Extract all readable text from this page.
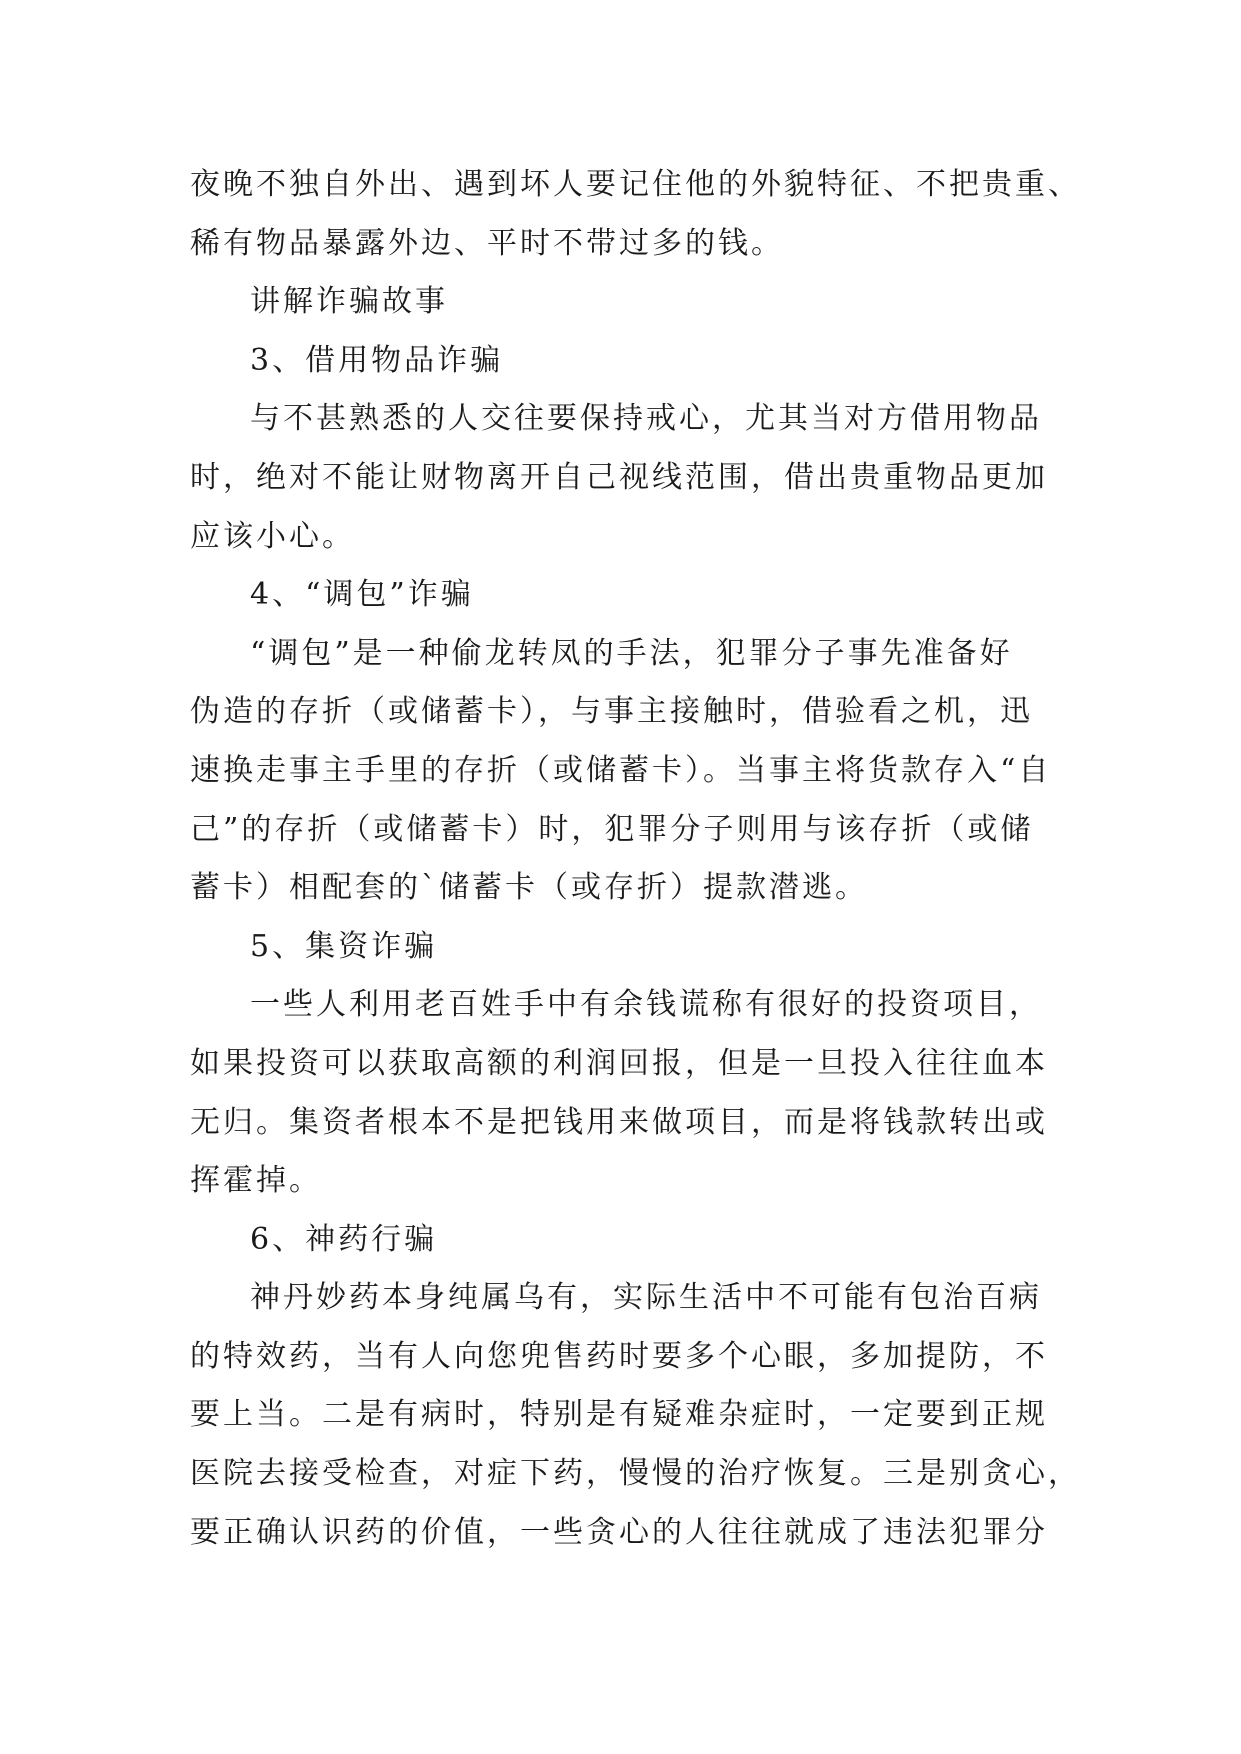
夜晚不独自外出、遇到坏人要记住他的外貌特征、不把贵重、
稀有物品暴露外边、平时不带过多的钱。
讲解诈骗故事
3、借用物品诈骗
与不甚熟悉的人交往要保持戒心，尤其当对方借用物品
时，绝对不能让财物离开自己视线范围，借出贵重物品更加
应该小心。
4、“调包”诈骗
“调包”是一种偷龙转凤的手法，犯罪分子事先准备好
伪造的存折（或储蓄卡），与事主接触时，借验看之机，迅
速换走事主手里的存折（或储蓄卡）。当事主将货款存入“自
己”的存折（或储蓄卡）时，犯罪分子则用与该存折（或储
蓄卡）相配套的`储蓄卡（或存折）提款潜逃。
5、集资诈骗
一些人利用老百姓手中有余钱谎称有很好的投资项目，
如果投资可以获取高额的利润回报，但是一旦投入往往血本
无归。集资者根本不是把钱用来做项目，而是将钱款转出或
挥霍掉。
6、神药行骗
神丹妙药本身纯属乌有，实际生活中不可能有包治百病
的特效药，当有人向您兜售药时要多个心眼，多加提防，不
要上当。二是有病时，特别是有疑难杂症时，一定要到正规
医院去接受检查，对症下药，慢慢的治疗恢复。三是别贪心，
要正确认识药的价值，一些贪心的人往往就成了违法犯罪分
